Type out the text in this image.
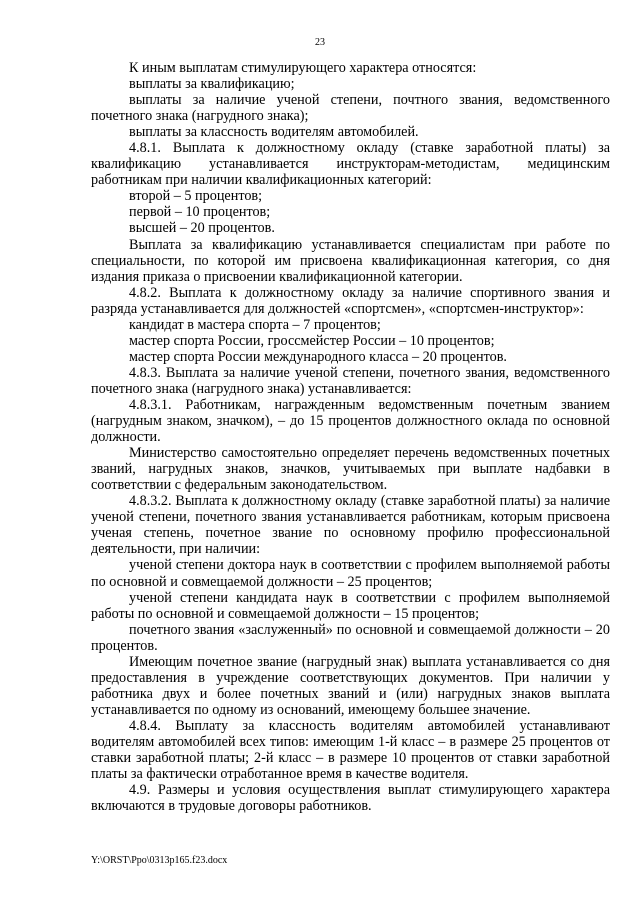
23

К иным выплатам стимулирующего характера относятся:

выплаты за квалификацию;

выплаты за наличие ученой степени, почтного звания, ведомственного почетного знака (нагрудного знака);

выплаты за классность водителям автомобилей.

4.8.1. Выплата к должностному окладу (ставке заработной платы) за квалификацию устанавливается инструкторам-методистам, медицинским работникам при наличии квалификационных категорий:

второй – 5 процентов;

первой – 10 процентов;

высшей – 20 процентов.

Выплата за квалификацию устанавливается специалистам при работе по специальности, по которой им присвоена квалификационная категория, со дня издания приказа о присвоении квалификационной категории.

4.8.2. Выплата к должностному окладу за наличие спортивного звания и разряда устанавливается для должностей «спортсмен», «спортсмен-инструктор»:

кандидат в мастера спорта – 7 процентов;

мастер спорта России, гроссмейстер России – 10 процентов;

мастер спорта России международного класса – 20 процентов.

4.8.3. Выплата за наличие ученой степени, почетного звания, ведомственного почетного знака (нагрудного знака) устанавливается:

4.8.3.1. Работникам, награжденным ведомственным почетным званием (нагрудным знаком, значком), – до 15 процентов должностного оклада по основной должности.

Министерство самостоятельно определяет перечень ведомственных почетных званий, нагрудных знаков, значков, учитываемых при выплате надбавки в соответствии с федеральным законодательством.

4.8.3.2. Выплата к должностному окладу (ставке заработной платы) за наличие ученой степени, почетного звания устанавливается работникам, которым присвоена ученая степень, почетное звание по основному профилю профессиональной деятельности, при наличии:

ученой степени доктора наук в соответствии с профилем выполняемой работы по основной и совмещаемой должности – 25 процентов;

ученой степени кандидата наук в соответствии с профилем выполняемой работы по основной и совмещаемой должности – 15 процентов;

почетного звания «заслуженный» по основной и совмещаемой должности – 20 процентов.

Имеющим почетное звание (нагрудный знак) выплата устанавливается со дня предоставления в учреждение соответствующих документов. При наличии у работника двух и более почетных званий и (или) нагрудных знаков выплата устанавливается по одному из оснований, имеющему большее значение.

4.8.4. Выплату за классность водителям автомобилей устанавливают водителям автомобилей всех типов: имеющим 1-й класс – в размере 25 процентов от ставки заработной платы; 2-й класс – в размере 10 процентов от ставки заработной платы за фактически отработанное время в качестве водителя.

4.9. Размеры и условия осуществления выплат стимулирующего характера включаются в трудовые договоры работников.

Y:\ORST\Ppo\0313p165.f23.docx
